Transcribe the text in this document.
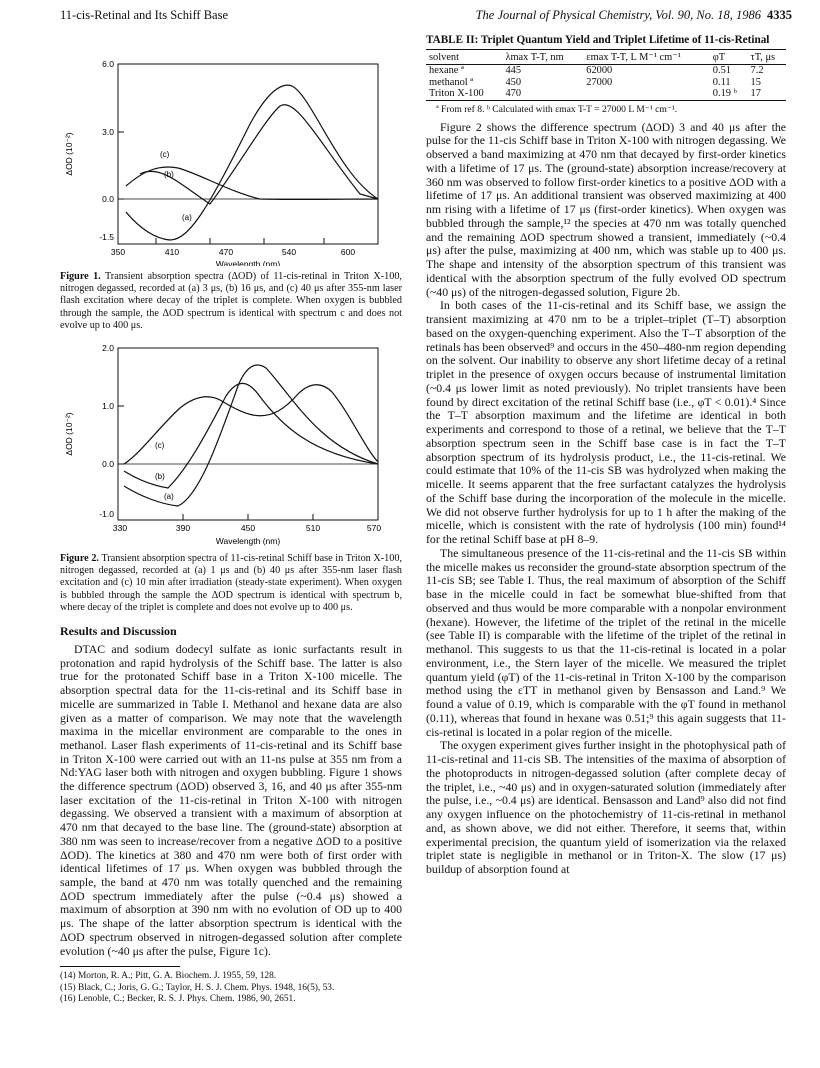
11-cis-Retinal and Its Schiff Base	The Journal of Physical Chemistry, Vol. 90, No. 18, 1986 4335
6.0
3.0
0.0
-1.5
350	410	470	540	600
Wavelength (nm)
ΔOD (10⁻²)	(c)
(b)
(a)

Figure 1. Transient absorption spectra (ΔOD) of 11-cis-retinal in Triton X-100, nitrogen degassed, recorded at (a) 3 μs, (b) 16 μs, and (c) 40 μs after 355-nm laser flash excitation where decay of the triplet is complete. When oxygen is bubbled through the sample, the ΔOD spectrum is identical with spectrum c and does not evolve up to 400 μs.

2.0
1.0
0.0
-1.0
330	390	450	510	570
Wavelength (nm)
ΔOD (10⁻²)	(c)
(b)
(a)

Figure 2. Transient absorption spectra of 11-cis-retinal Schiff base in Triton X-100, nitrogen degassed, recorded at (a) 1 μs and (b) 40 μs after 355-nm laser flash excitation and (c) 10 min after irradiation (steady-state experiment). When oxygen is bubbled through the sample the ΔOD spectrum is identical with spectrum b, where decay of the triplet is complete and does not evolve up to 400 μs.

Results and Discussion

DTAC and sodium dodecyl sulfate as ionic surfactants result in protonation and rapid hydrolysis of the Schiff base. The latter is also true for the protonated Schiff base in a Triton X-100 micelle. The absorption spectral data for the 11-cis-retinal and its Schiff base in micelle are summarized in Table I. Methanol and hexane data are also given as a matter of comparison. We may note that the wavelength maxima in the micellar environment are comparable to the ones in methanol. Laser flash experiments of 11-cis-retinal and its Schiff base in Triton X-100 were carried out with an 11-ns pulse at 355 nm from a Nd:YAG laser both with nitrogen and oxygen bubbling. Figure 1 shows the difference spectrum (ΔOD) observed 3, 16, and 40 μs after 355-nm laser excitation of the 11-cis-retinal in Triton X-100 with nitrogen degassing. We observed a transient with a maximum of absorption at 470 nm that decayed to the base line. The (ground-state) absorption at 380 nm was seen to increase/recover from a negative ΔOD to a positive ΔOD). The kinetics at 380 and 470 nm were both of first order with identical lifetimes of 17 μs. When oxygen was bubbled through the sample, the band at 470 nm was totally quenched and the remaining ΔOD spectrum immediately after the pulse (~0.4 μs) showed a maximum of absorption at 390 nm with no evolution of OD up to 400 μs. The shape of the latter absorption spectrum is identical with the ΔOD spectrum observed in nitrogen-degassed solution after complete evolution (~40 μs after the pulse, Figure 1c).

(14) Morton, R. A.; Pitt, G. A. Biochem. J. 1955, 59, 128.
(15) Black, C.; Joris, G. G.; Taylor, H. S. J. Chem. Phys. 1948, 16(5), 53.
(16) Lenoble, C.; Becker, R. S. J. Phys. Chem. 1986, 90, 2651.

TABLE II: Triplet Quantum Yield and Triplet Lifetime of 11-cis-Retinal

solvent	λmax T-T, nm	εmax T-T, L M⁻¹ cm⁻¹	φT	τT, μs
hexane ª	445	62000	0.51	7.2
methanol ª	450	27000	0.11	15
Triton X-100	470		0.19 ᵇ	17
ª From ref 8. ᵇ Calculated with εmax T-T = 27000 L M⁻¹ cm⁻¹.

Figure 2 shows the difference spectrum (ΔOD) 3 and 40 μs after the pulse for the 11-cis Schiff base in Triton X-100 with nitrogen degassing. We observed a band maximizing at 470 nm that decayed by first-order kinetics with a lifetime of 17 μs. The (ground-state) absorption increase/recovery at 360 nm was observed to follow first-order kinetics to a positive ΔOD with a lifetime of 17 μs. An additional transient was observed maximizing at 400 nm rising with a lifetime of 17 μs (first-order kinetics). When oxygen was bubbled through the sample,¹² the species at 470 nm was totally quenched and the remaining ΔOD spectrum showed a transient, immediately (~0.4 μs) after the pulse, maximizing at 400 nm, which was stable up to 400 μs. The shape and intensity of the absorption spectrum of this transient was identical with the absorption spectrum of the fully evolved OD spectrum (~40 μs) of the nitrogen-degassed solution, Figure 2b.

In both cases of the 11-cis-retinal and its Schiff base, we assign the transient maximizing at 470 nm to be a triplet–triplet (T–T) absorption based on the oxygen-quenching experiment. Also the T–T absorption of the retinals has been observed⁹ and occurs in the 450–480-nm region depending on the solvent. Our inability to observe any short lifetime decay of a retinal triplet in the presence of oxygen occurs because of instrumental limitation (~0.4 μs lower limit as noted previously). No triplet transients have been found by direct excitation of the retinal Schiff base (i.e., φT < 0.01).⁴ Since the T–T absorption maximum and the lifetime are identical in both experiments and correspond to those of a retinal, we believe that the T–T absorption spectrum seen in the Schiff base case is in fact the T–T absorption spectrum of its hydrolysis product, i.e., the 11-cis-retinal. We could estimate that 10% of the 11-cis SB was hydrolyzed when making the micelle. It seems apparent that the free surfactant catalyzes the hydrolysis of the Schiff base during the incorporation of the molecule in the micelle. We did not observe further hydrolysis for up to 1 h after the making of the micelle, which is consistent with the rate of hydrolysis (100 min) found¹⁴ for the retinal Schiff base at pH 8–9.

The simultaneous presence of the 11-cis-retinal and the 11-cis SB within the micelle makes us reconsider the ground-state absorption spectrum of the 11-cis SB; see Table I. Thus, the real maximum of absorption of the Schiff base in the micelle could in fact be somewhat blue-shifted from that observed and thus would be more comparable with a nonpolar environment (hexane). However, the lifetime of the triplet of the retinal in the micelle (see Table II) is comparable with the lifetime of the triplet of the retinal in methanol. This suggests to us that the 11-cis-retinal is located in a polar environment, i.e., the Stern layer of the micelle. We measured the triplet quantum yield (φT) of the 11-cis-retinal in Triton X-100 by the comparison method using the εTT in methanol given by Bensasson and Land.⁹ We found a value of 0.19, which is comparable with the φT found in methanol (0.11), whereas that found in hexane was 0.51;⁹ this again suggests that 11-cis-retinal is located in a polar region of the micelle.

The oxygen experiment gives further insight in the photophysical path of 11-cis-retinal and 11-cis SB. The intensities of the maxima of absorption of the photoproducts in nitrogen-degassed solution (after complete decay of the triplet, i.e., ~40 μs) and in oxygen-saturated solution (immediately after the pulse, i.e., ~0.4 μs) are identical. Bensasson and Land⁹ also did not find any oxygen influence on the photochemistry of 11-cis-retinal in methanol and, as shown above, we did not either. Therefore, it seems that, within experimental precision, the quantum yield of isomerization via the relaxed triplet state is negligible in methanol or in Triton-X. The slow (17 μs) buildup of absorption found at
